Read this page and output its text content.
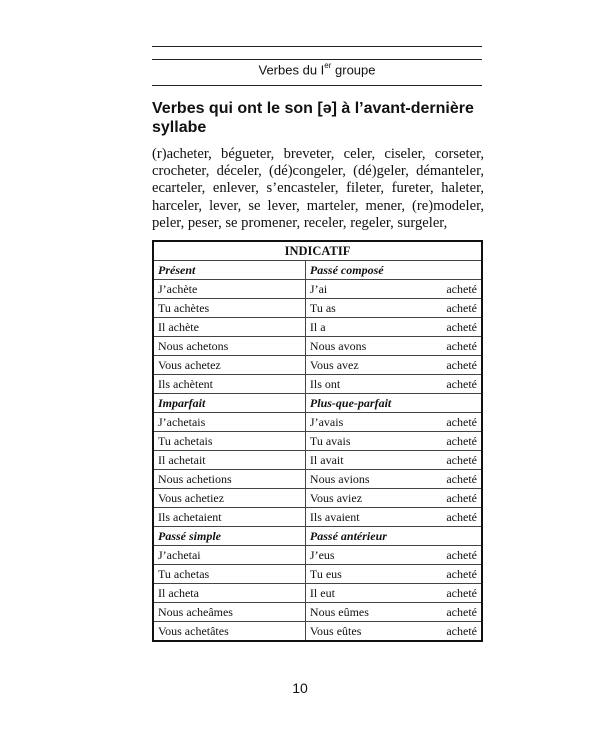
Verbes du Ier groupe
Verbes qui ont le son [ə] à l’avant-dernière syllabe
(r)acheter, bégueter, breveter, celer, ciseler, corseter, crocheter, déceler, (dé)congeler, (dé)geler, démanteler, ecarteler, enlever, s’encasteler, fileter, fureter, haleter, harceler, lever, se lever, marteler, mener, (re)modeler, peler, peser, se promener, receler, regeler, surgeler,
INDICATIF	
Présent	Passé composé
J’achète	J’ai acheté

Tu achètes	Tu as acheté

Il achète	Il a acheté

Nous achetons	Nous avons acheté

Vous achetez	Vous avez acheté

Ils achètent	Ils ont acheté

Imparfait	Plus-que-parfait
J’achetais	J’avais acheté

Tu achetais	Tu avais acheté

Il achetait	Il avait acheté

Nous achetions	Nous avions acheté

Vous achetiez	Vous aviez acheté

Ils achetaient	Ils avaient acheté

Passé simple	Passé antérieur
J’achetai	J’eus acheté

Tu achetas	Tu eus acheté

Il acheta	Il eut acheté

Nous achеâmes	Nous eûmes acheté

Vous achetâtes	Vous eûtes acheté
10
